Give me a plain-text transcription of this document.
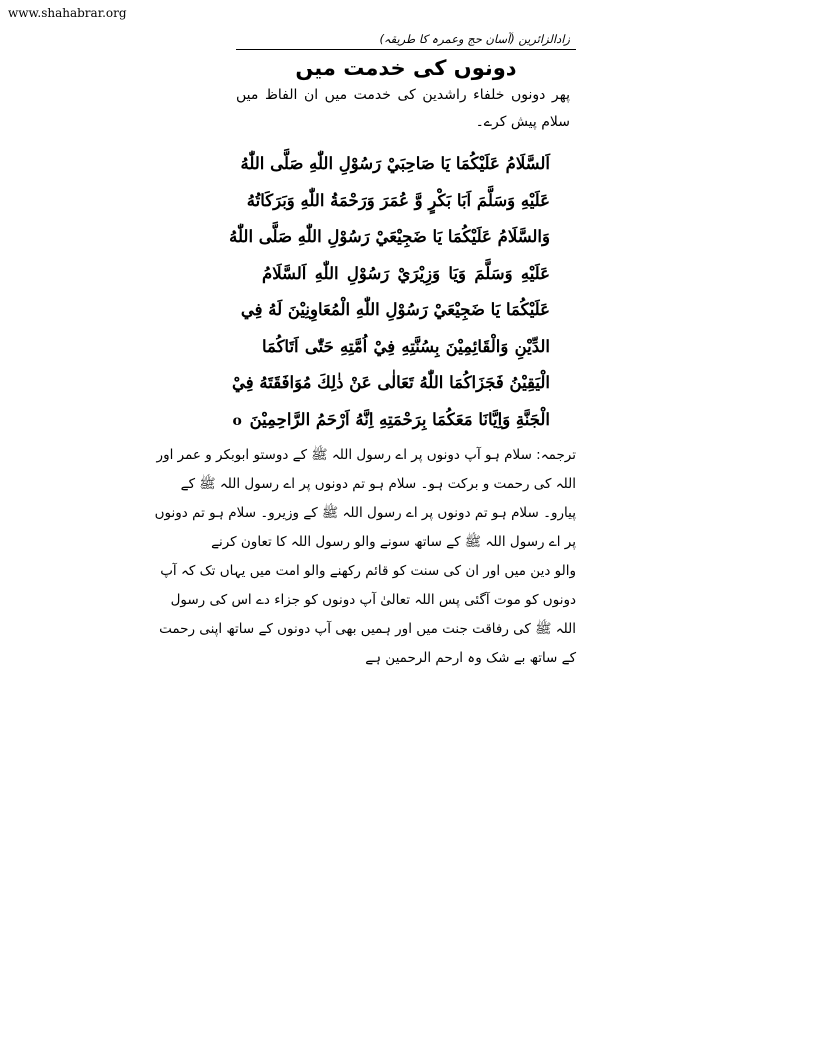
www.shahabrar.org
زادالزائرین (آسان حج وعمرہ کا طریقہ)
دونوں کی خدمت میں
پھر دونوں خلفاء راشدین کی خدمت میں ان الفاظ میں سلام پیش کرے۔
اَلسَّلَامُ عَلَيْكُمَا يَا صَاحِبَيْ رَسُوْلِ اللّٰهِ صَلَّى اللّٰهُ
عَلَيْهِ وَسَلَّمَ اَبَا بَكْرٍ وَّ عُمَرَ وَرَحْمَةُ اللّٰهِ وَبَرَكَاتُهُ
وَالسَّلَامُ عَلَيْكُمَا يَا ضَجِيْعَيْ رَسُوْلِ اللّٰهِ صَلَّى اللّٰهُ
عَلَيْهِ وَسَلَّمَ وَيَا وَزِيْرَيْ رَسُوْلِ اللّٰهِ اَلسَّلَامُ
عَلَيْكُمَا يَا ضَجِيْعَيْ رَسُوْلِ اللّٰهِ الْمُعَاوِنِيْنَ لَهُ فِي
الدِّيْنِ وَالْقَائِمِيْنَ بِسُنَّتِهِ فِيْ اُمَّتِهِ حَتّٰى اَتَاكُمَا
الْيَقِيْنُ فَجَزَاكُمَا اللّٰهُ تَعَالٰى عَنْ ذٰلِكَ مُوَافَقَتَهُ فِيْ
الْجَنَّةِ وَاِيَّانَا مَعَكُمَا بِرَحْمَتِهِ اِنَّهُ اَرْحَمُ الرَّاحِمِيْنَ o
ترجمہ: سلام ہو آپ دونوں پر اے رسول اللہ ﷺ کے دوستو ابوبکر و عمر اور
اللہ کی رحمت و برکت ہو۔ سلام ہو تم دونوں پر اے رسول اللہ ﷺ کے
پیارو۔ سلام ہو تم دونوں پر اے رسول اللہ ﷺ کے وزیرو۔ سلام ہو تم دونوں
پر اے رسول اللہ ﷺ کے ساتھ سونے والو رسول اللہ کا تعاون کرنے
والو دین میں اور ان کی سنت کو قائم رکھنے والو امت میں یہاں تک کہ آپ
دونوں کو موت آگئی پس اللہ تعالیٰ آپ دونوں کو جزاء دے اس کی رسول
اللہ ﷺ کی رفاقت جنت میں اور ہمیں بھی آپ دونوں کے ساتھ اپنی رحمت
کے ساتھ بے شک وہ ارحم الرحمین ہے
